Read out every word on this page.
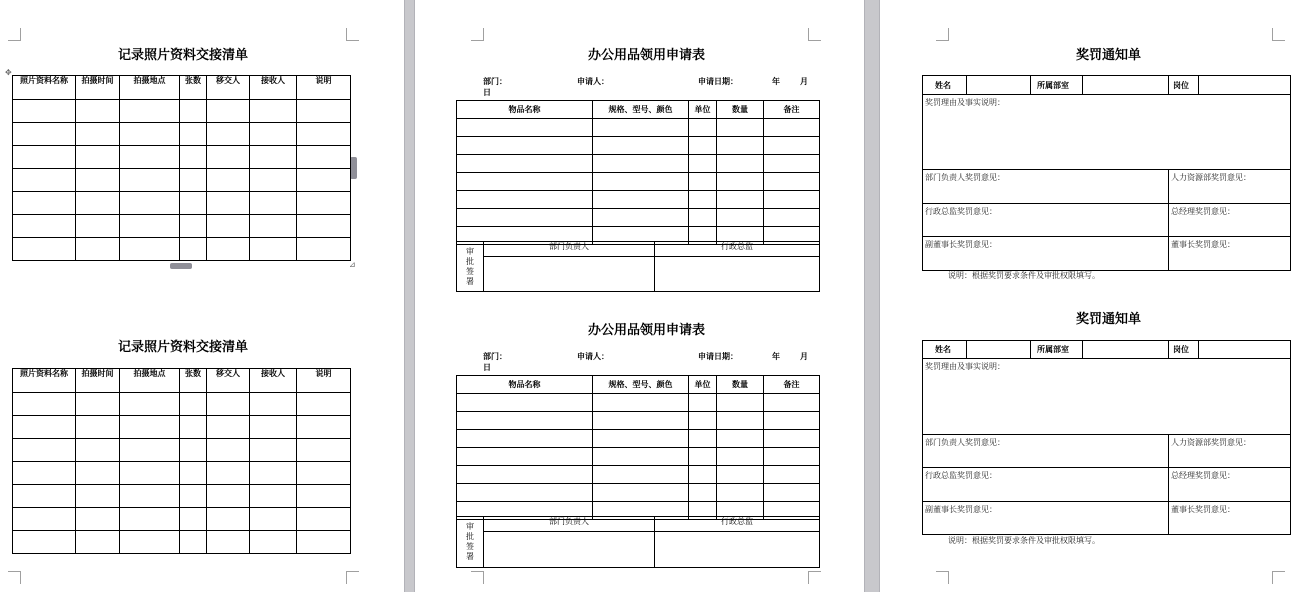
✥
⊿
记录照片资料交接清单
照片资料名称	拍摄时间	拍摄地点	张数	移交人	接收人	说明

记录照片资料交接清单
照片资料名称	拍摄时间	拍摄地点	张数	移交人	接收人	说明

办公用品领用申请表
部门：	申请人：	申请日期：	年	月
日
物品名称	规格、型号、颜色	单位	数量	备注

审批签署	部门负责人	行政总监

办公用品领用申请表
部门：	申请人：	申请日期：	年	月
日
物品名称	规格、型号、颜色	单位	数量	备注

审批签署	部门负责人	行政总监

奖罚通知单
姓名		所属部室		岗位	
奖罚理由及事实说明：					
部门负责人奖罚意见：				人力资源部奖罚意见：	
行政总监奖罚意见：				总经理奖罚意见：	
副董事长奖罚意见：				董事长奖罚意见：	
说明：根据奖罚要求条件及审批权限填写。
奖罚通知单
姓名		所属部室		岗位	
奖罚理由及事实说明：					
部门负责人奖罚意见：				人力资源部奖罚意见：	
行政总监奖罚意见：				总经理奖罚意见：	
副董事长奖罚意见：				董事长奖罚意见：	
说明：根据奖罚要求条件及审批权限填写。
